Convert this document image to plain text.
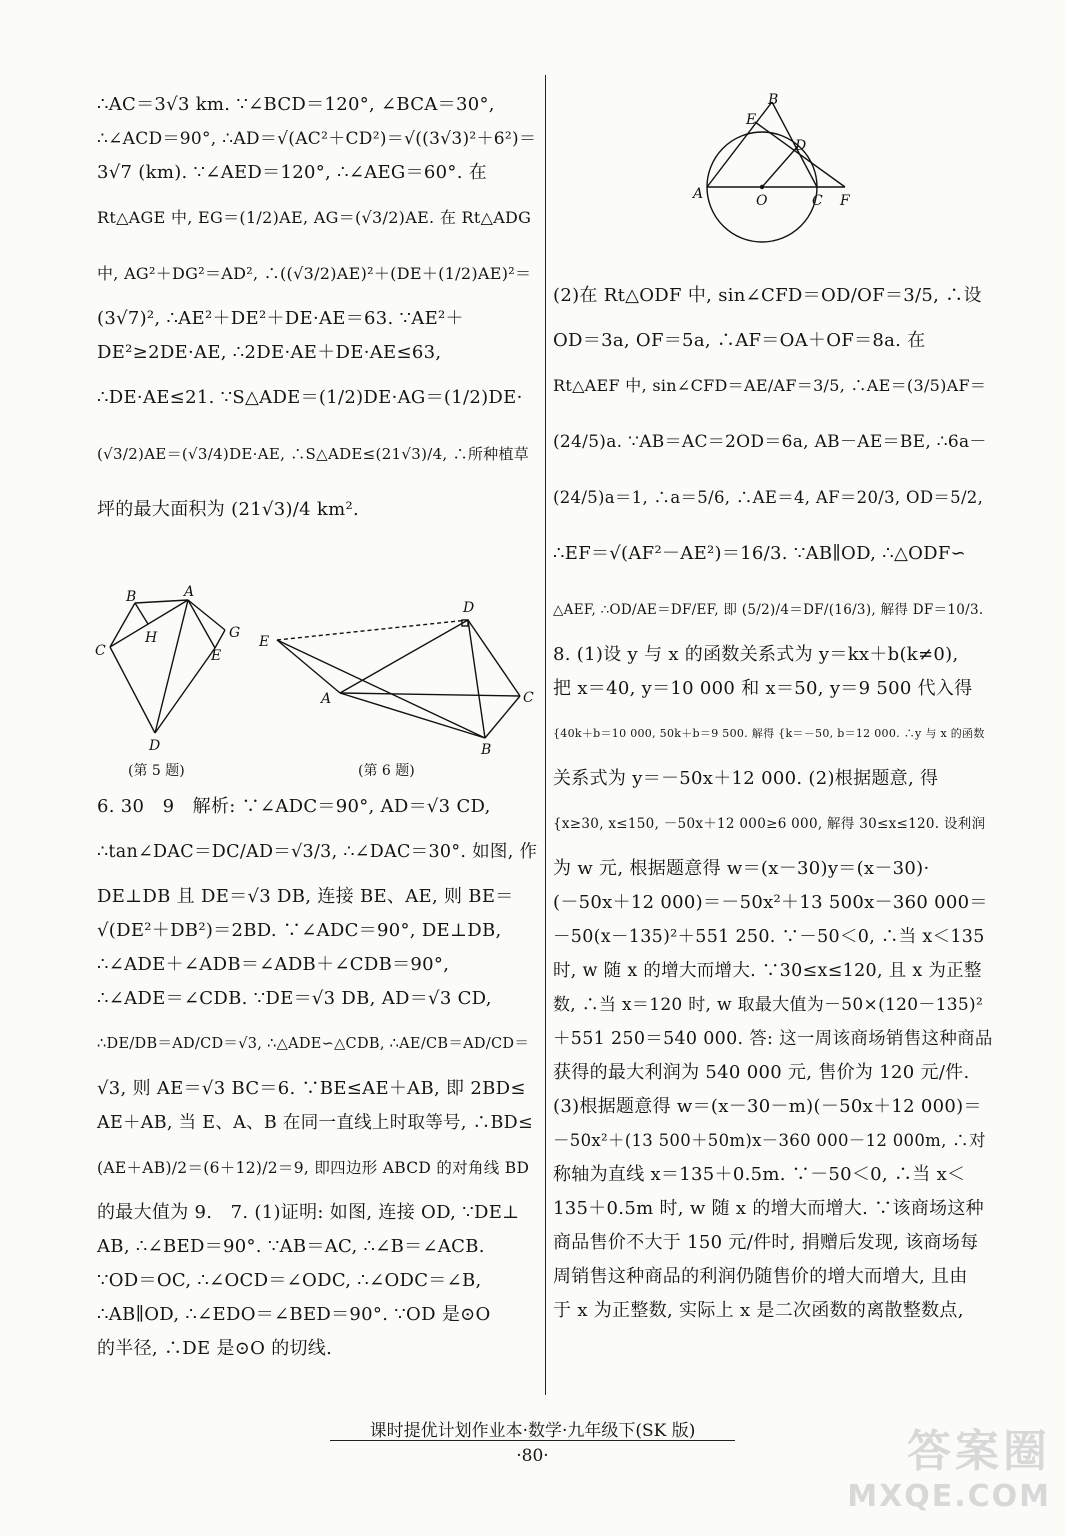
∴AC＝3√3 km. ∵∠BCD＝120°, ∠BCA＝30°,
∴∠ACD＝90°, ∴AD＝√(AC²＋CD²)＝√((3√3)²＋6²)＝
3√7 (km). ∵∠AED＝120°, ∴∠AEG＝60°. 在
Rt△AGE 中, EG＝(1/2)AE, AG＝(√3/2)AE. 在 Rt△ADG
中, AG²＋DG²＝AD², ∴((√3/2)AE)²＋(DE＋(1/2)AE)²＝
(3√7)², ∴AE²＋DE²＋DE·AE＝63. ∵AE²＋
DE²≥2DE·AE, ∴2DE·AE＋DE·AE≤63,
∴DE·AE≤21. ∵S△ADE＝(1/2)DE·AG＝(1/2)DE·
(√3/2)AE＝(√3/4)DE·AE, ∴S△ADE≤(21√3)/4, ∴所种植草
坪的最大面积为 (21√3)/4 km².
B	A
G
H
C	E
D
(第 5 题)
D
E
A	C
B
(第 6 题)
6. 30　9　解析: ∵∠ADC＝90°, AD＝√3 CD,
∴tan∠DAC＝DC/AD＝√3/3, ∴∠DAC＝30°. 如图, 作
DE⊥DB 且 DE＝√3 DB, 连接 BE、AE, 则 BE＝
√(DE²＋DB²)＝2BD. ∵∠ADC＝90°, DE⊥DB,
∴∠ADE＋∠ADB＝∠ADB＋∠CDB＝90°,
∴∠ADE＝∠CDB. ∵DE＝√3 DB, AD＝√3 CD,
∴DE/DB＝AD/CD＝√3, ∴△ADE∽△CDB, ∴AE/CB＝AD/CD＝
√3, 则 AE＝√3 BC＝6. ∵BE≤AE＋AB, 即 2BD≤
AE＋AB, 当 E、A、B 在同一直线上时取等号, ∴BD≤
(AE＋AB)/2＝(6＋12)/2＝9, 即四边形 ABCD 的对角线 BD
的最大值为 9.　7. (1)证明: 如图, 连接 OD, ∵DE⊥
AB, ∴∠BED＝90°. ∵AB＝AC, ∴∠B＝∠ACB.
∵OD＝OC, ∴∠OCD＝∠ODC, ∴∠ODC＝∠B,
∴AB∥OD, ∴∠EDO＝∠BED＝90°. ∵OD 是⊙O
的半径, ∴DE 是⊙O 的切线.
B
E
D
A	O	C F
(2)在 Rt△ODF 中, sin∠CFD＝OD/OF＝3/5, ∴设
OD＝3a, OF＝5a, ∴AF＝OA＋OF＝8a. 在
Rt△AEF 中, sin∠CFD＝AE/AF＝3/5, ∴AE＝(3/5)AF＝
(24/5)a. ∵AB＝AC＝2OD＝6a, AB－AE＝BE, ∴6a－
(24/5)a＝1, ∴a＝5/6, ∴AE＝4, AF＝20/3, OD＝5/2,
∴EF＝√(AF²－AE²)＝16/3. ∵AB∥OD, ∴△ODF∽
△AEF, ∴OD/AE＝DF/EF, 即 (5/2)/4＝DF/(16/3), 解得 DF＝10/3.
8. (1)设 y 与 x 的函数关系式为 y＝kx＋b(k≠0),
把 x＝40, y＝10 000 和 x＝50, y＝9 500 代入得
{40k＋b＝10 000, 50k＋b＝9 500. 解得 {k＝－50, b＝12 000. ∴y 与 x 的函数
关系式为 y＝－50x＋12 000. (2)根据题意, 得
{x≥30, x≤150, －50x＋12 000≥6 000, 解得 30≤x≤120. 设利润
为 w 元, 根据题意得 w＝(x－30)y＝(x－30)·
(－50x＋12 000)＝－50x²＋13 500x－360 000＝
－50(x－135)²＋551 250. ∵－50＜0, ∴当 x＜135
时, w 随 x 的增大而增大. ∵30≤x≤120, 且 x 为正整
数, ∴当 x＝120 时, w 取最大值为－50×(120－135)²
＋551 250＝540 000. 答: 这一周该商场销售这种商品
获得的最大利润为 540 000 元, 售价为 120 元/件.
(3)根据题意得 w＝(x－30－m)(－50x＋12 000)＝
－50x²＋(13 500＋50m)x－360 000－12 000m, ∴对
称轴为直线 x＝135＋0.5m. ∵－50＜0, ∴当 x＜
135＋0.5m 时, w 随 x 的增大而增大. ∵该商场这种
商品售价不大于 150 元/件时, 捐赠后发现, 该商场每
周销售这种商品的利润仍随售价的增大而增大, 且由
于 x 为正整数, 实际上 x 是二次函数的离散整数点,
课时提优计划作业本·数学·九年级下(SK 版)
·80·	答案圈
MXQE.COM
